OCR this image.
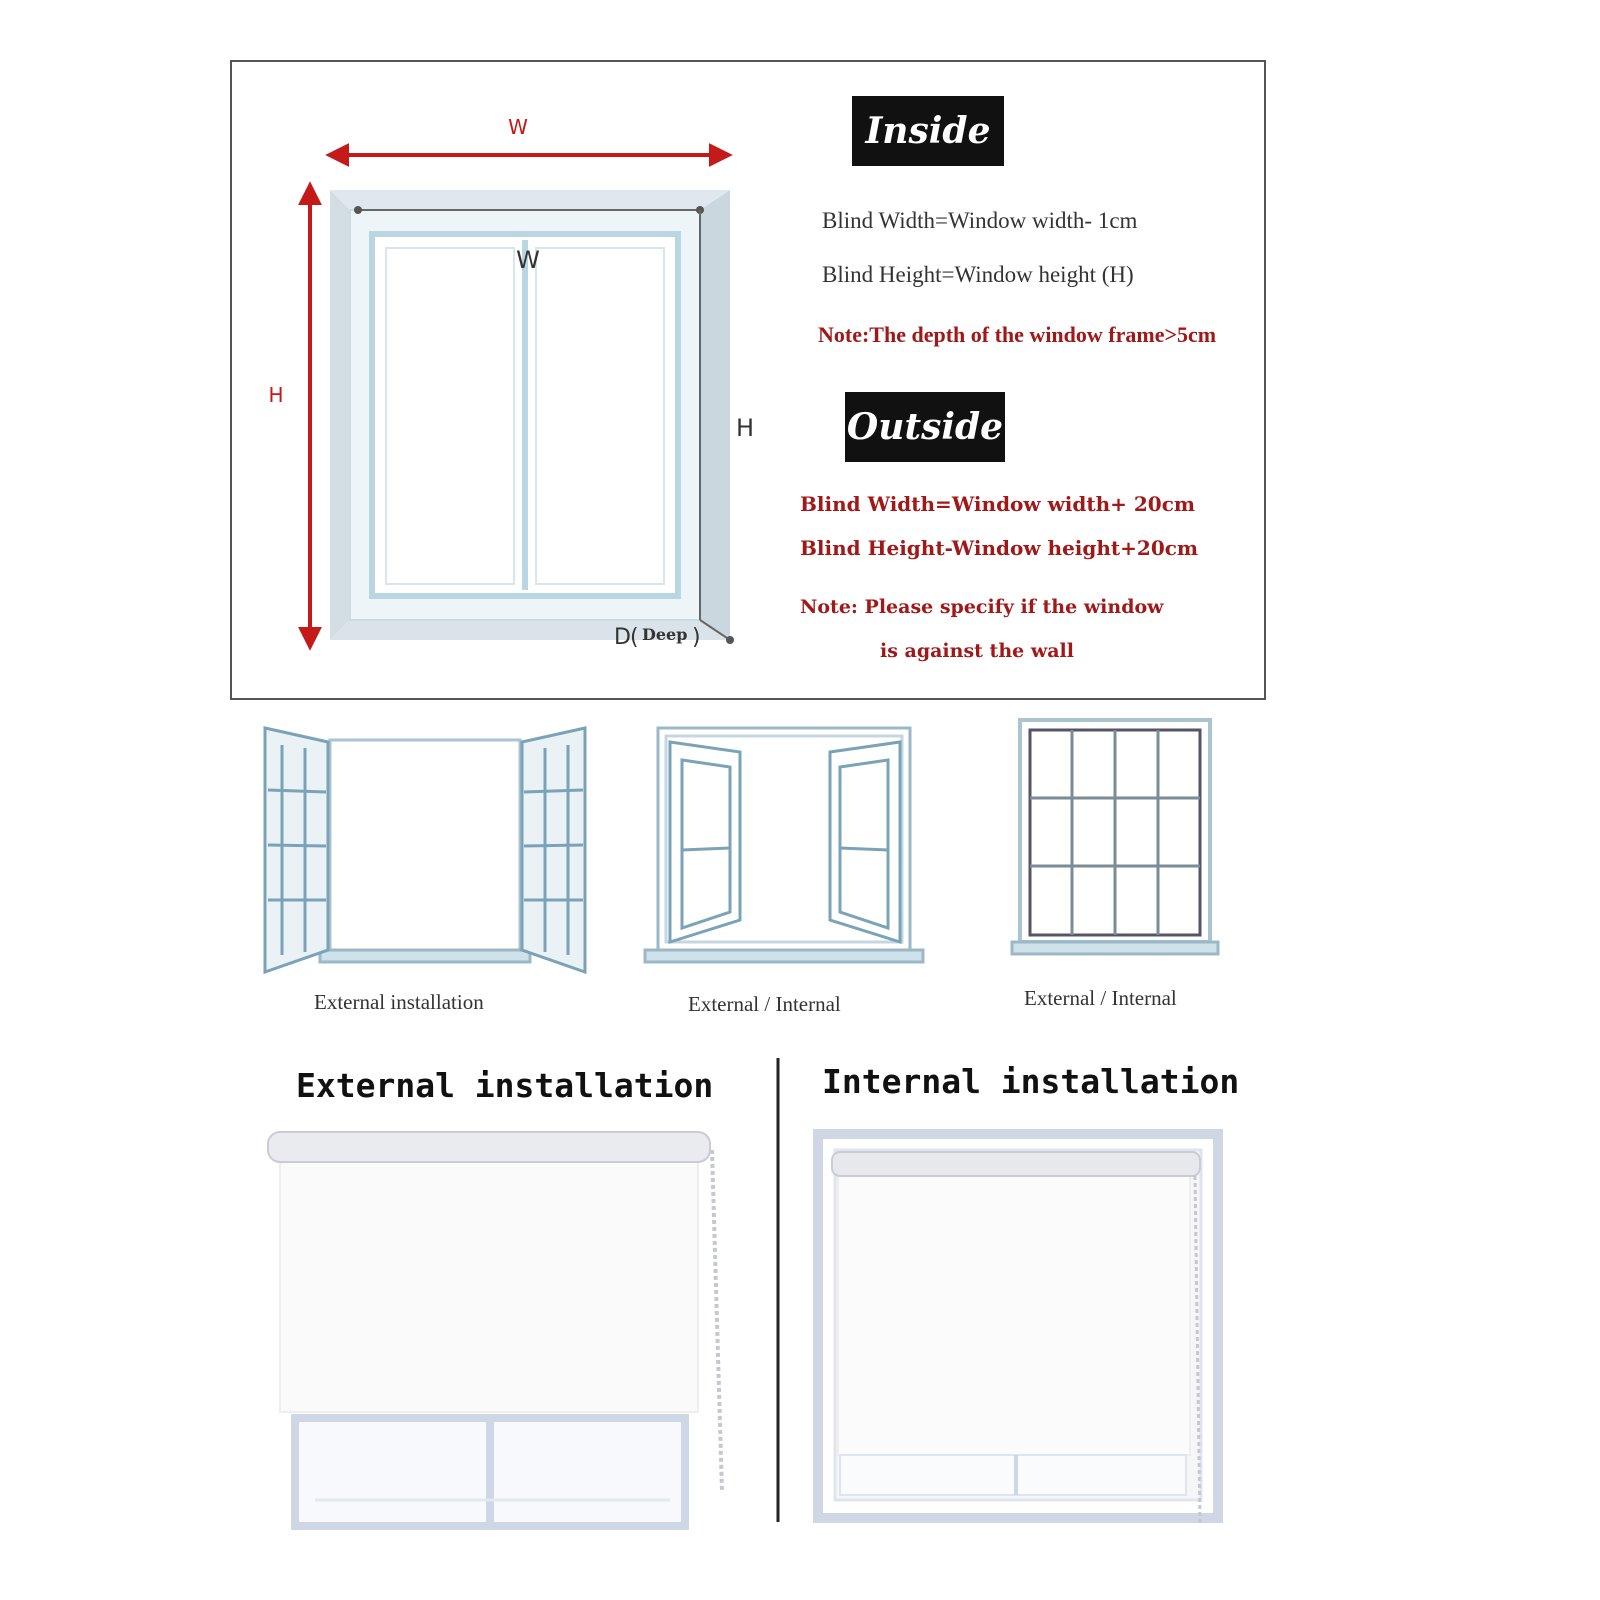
W
H
W
H
D ( Deep )
Inside
Blind Width=Window width- 1cm
Blind Height=Window height (H)
Note:The depth of the window frame>5cm
Outside
Blind Width=Window width+ 20cm
Blind Height-Window height+20cm
Note: Please specify if the window
is against the wall
External installation	External / Internal	External / Internal
External installation	Internal installation
